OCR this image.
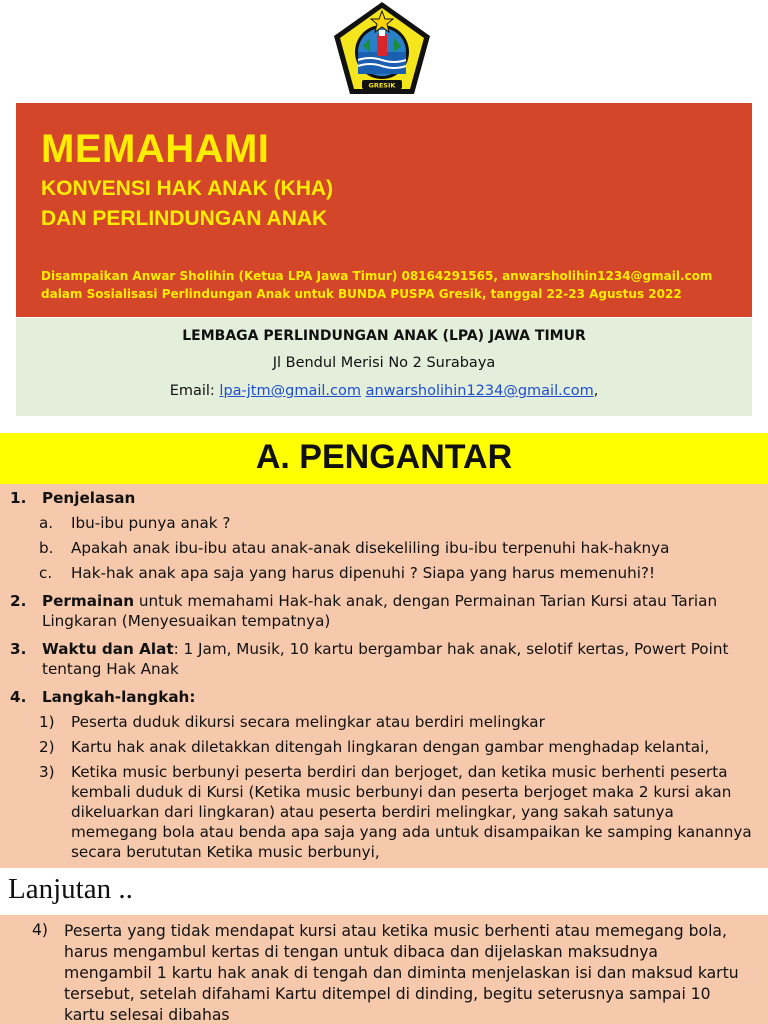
GRESIK
MEMAHAMI
KONVENSI HAK ANAK (KHA)
DAN PERLINDUNGAN ANAK
Disampaikan Anwar Sholihin (Ketua LPA Jawa Timur) 08164291565, anwarsholihin1234@gmail.com
dalam Sosialisasi Perlindungan Anak untuk BUNDA PUSPA Gresik, tanggal 22-23 Agustus 2022
LEMBAGA PERLINDUNGAN ANAK (LPA) JAWA TIMUR
Jl Bendul Merisi No 2 Surabaya
Email: lpa-jtm@gmail.com anwarsholihin1234@gmail.com,
A. PENGANTAR
1. Penjelasan
a. Ibu-ibu punya anak ?
b. Apakah anak ibu-ibu atau anak-anak disekeliling ibu-ibu terpenuhi hak-haknya
c. Hak-hak anak apa saja yang harus dipenuhi ? Siapa yang harus memenuhi?!
2. Permainan untuk memahami Hak-hak anak, dengan Permainan Tarian Kursi atau Tarian Lingkaran (Menyesuaikan tempatnya)
3. Waktu dan Alat: 1 Jam, Musik, 10 kartu bergambar hak anak, selotif kertas, Powert Point tentang Hak Anak
4. Langkah-langkah:
1) Peserta duduk dikursi secara melingkar atau berdiri melingkar
2) Kartu hak anak diletakkan ditengah lingkaran dengan gambar menghadap kelantai,
3) Ketika music berbunyi peserta berdiri dan berjoget, dan ketika music berhenti peserta kembali duduk di Kursi (Ketika music berbunyi dan peserta berjoget maka 2 kursi akan dikeluarkan dari lingkaran) atau peserta berdiri melingkar, yang sakah satunya memegang bola atau benda apa saja yang ada untuk disampaikan ke samping kanannya secara berututan Ketika music berbunyi,
Lanjutan ..
4) Peserta yang tidak mendapat kursi atau ketika music berhenti atau memegang bola, harus mengambul kertas di tengan untuk dibaca dan dijelaskan maksudnya mengambil 1 kartu hak anak di tengah dan diminta menjelaskan isi dan maksud kartu tersebut, setelah difahami Kartu ditempel di dinding, begitu seterusnya sampai 10 kartu selesai dibahas
